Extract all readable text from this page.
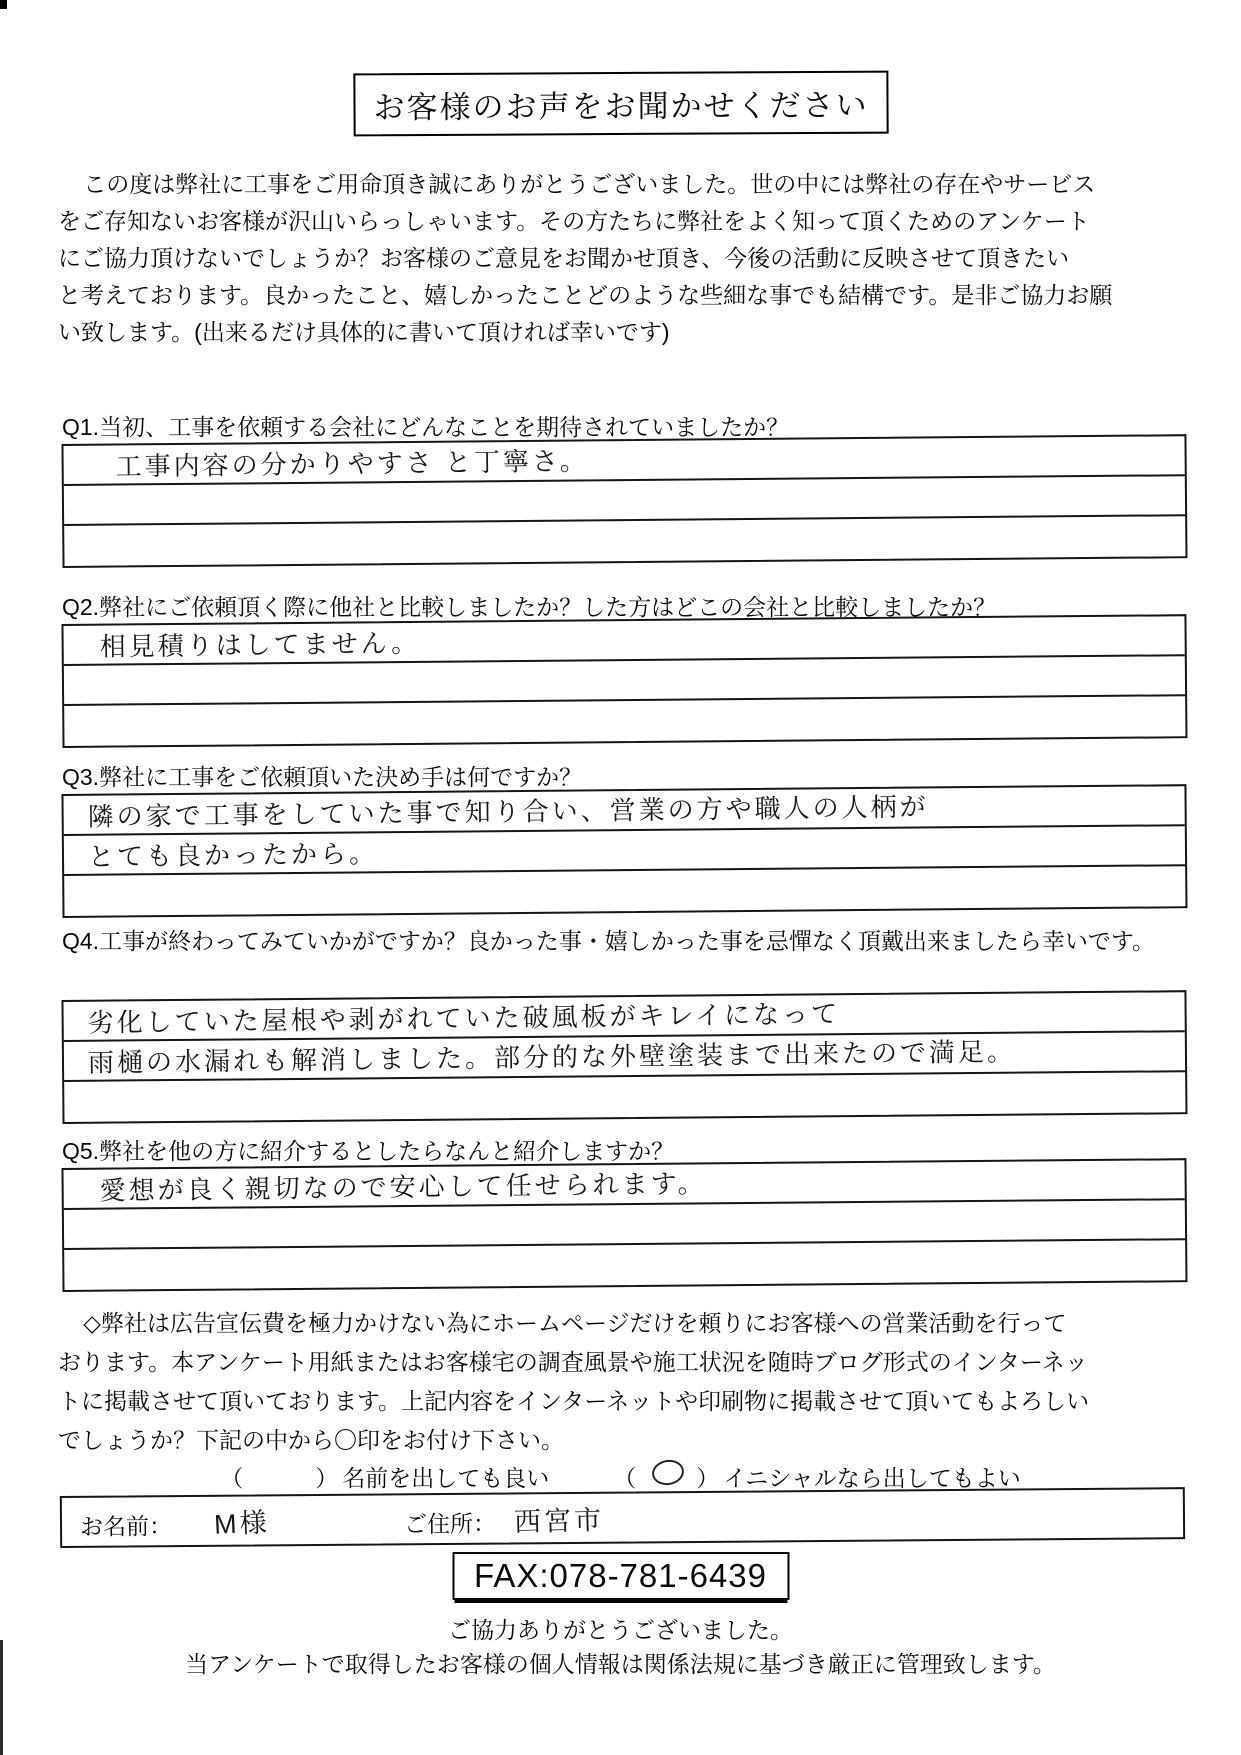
お客様のお声をお聞かせください
この度は弊社に工事をご用命頂き誠にありがとうございました。世の中には弊社の存在やサービス
をご存知ないお客様が沢山いらっしゃいます。その方たちに弊社をよく知って頂くためのアンケート
にご協力頂けないでしょうか？お客様のご意見をお聞かせ頂き、今後の活動に反映させて頂きたい
と考えております。良かったこと、嬉しかったことどのような些細な事でも結構です。是非ご協力お願
い致します。(出来るだけ具体的に書いて頂ければ幸いです)
Q1.当初、工事を依頼する会社にどんなことを期待されていましたか？
工事内容の分かりやすさ と丁寧さ。
Q2.弊社にご依頼頂く際に他社と比較しましたか？した方はどこの会社と比較しましたか？
相見積りはしてません。
Q3.弊社に工事をご依頼頂いた決め手は何ですか？
隣の家で工事をしていた事で知り合い、営業の方や職人の人柄が
とても良かったから。
Q4.工事が終わってみていかがですか？良かった事・嬉しかった事を忌憚なく頂戴出来ましたら幸いです。
劣化していた屋根や剥がれていた破風板がキレイになって
雨樋の水漏れも解消しました。部分的な外壁塗装まで出来たので満足。
Q5.弊社を他の方に紹介するとしたらなんと紹介しますか？
愛想が良く親切なので安心して任せられます。
◇弊社は広告宣伝費を極力かけない為にホームページだけを頼りにお客様への営業活動を行って
おります。本アンケート用紙またはお客様宅の調査風景や施工状況を随時ブログ形式のインターネッ
トに掲載させて頂いております。上記内容をインターネットや印刷物に掲載させて頂いてもよろしい
でしょうか？下記の中から〇印をお付け下さい。
（	） 名前を出しても良い	（	） イニシャルなら出してもよい
お名前： M様	ご住所： 西宮市
FAX:078-781-6439
ご協力ありがとうございました。
当アンケートで取得したお客様の個人情報は関係法規に基づき厳正に管理致します。
